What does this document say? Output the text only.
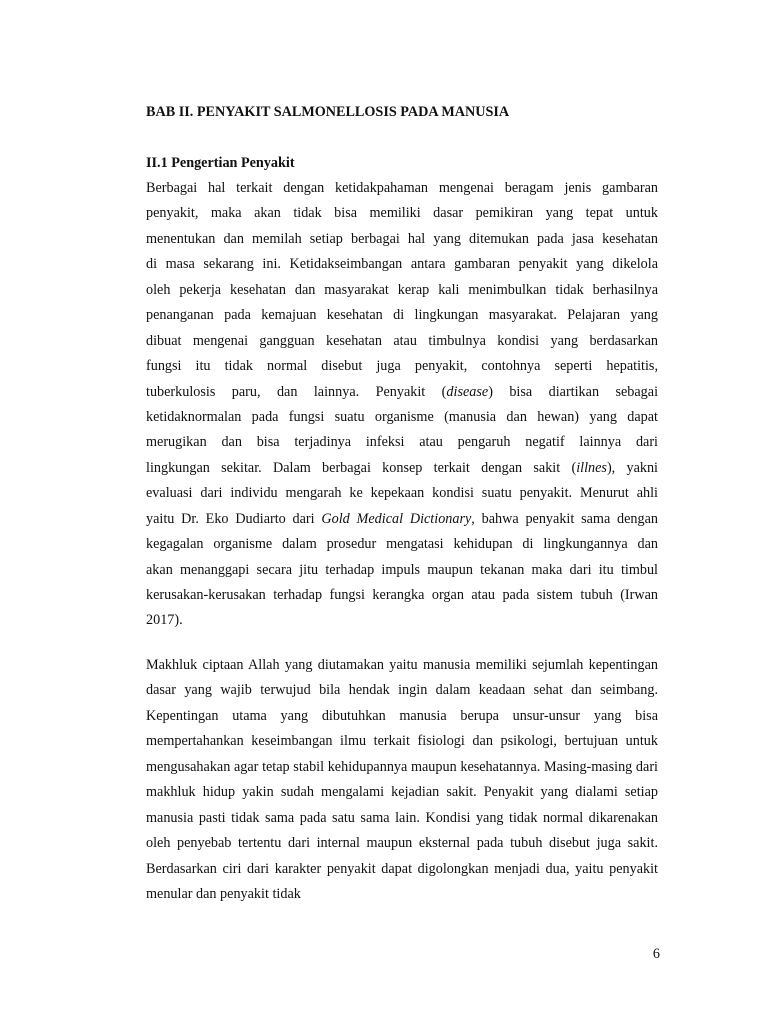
BAB II. PENYAKIT SALMONELLOSIS PADA MANUSIA
II.1 Pengertian Penyakit
Berbagai hal terkait dengan ketidakpahaman mengenai beragam jenis gambaran
penyakit, maka akan tidak bisa memiliki dasar pemikiran yang tepat untuk
menentukan dan memilah setiap berbagai hal yang ditemukan pada jasa kesehatan
di masa sekarang ini. Ketidakseimbangan antara gambaran penyakit yang dikelola
oleh pekerja kesehatan dan masyarakat kerap kali menimbulkan tidak berhasilnya
penanganan pada kemajuan kesehatan di lingkungan masyarakat. Pelajaran yang
dibuat mengenai gangguan kesehatan atau timbulnya kondisi yang berdasarkan
fungsi itu tidak normal disebut juga penyakit, contohnya seperti hepatitis,
tuberkulosis paru, dan lainnya. Penyakit (disease) bisa diartikan sebagai
ketidaknormalan pada fungsi suatu organisme (manusia dan hewan) yang dapat
merugikan dan bisa terjadinya infeksi atau pengaruh negatif lainnya dari
lingkungan sekitar. Dalam berbagai konsep terkait dengan sakit (illnes), yakni
evaluasi dari individu mengarah ke kepekaan kondisi suatu penyakit. Menurut ahli
yaitu Dr. Eko Dudiarto dari Gold Medical Dictionary, bahwa penyakit sama dengan
kegagalan organisme dalam prosedur mengatasi kehidupan di lingkungannya dan
akan menanggapi secara jitu terhadap impuls maupun tekanan maka dari itu timbul
kerusakan-kerusakan terhadap fungsi kerangka organ atau pada sistem tubuh (Irwan
2017).

Makhluk ciptaan Allah yang diutamakan yaitu manusia memiliki sejumlah kepentingan dasar yang wajib terwujud bila hendak ingin dalam keadaan sehat dan seimbang. Kepentingan utama yang dibutuhkan manusia berupa unsur-unsur yang bisa mempertahankan keseimbangan ilmu terkait fisiologi dan psikologi, bertujuan untuk mengusahakan agar tetap stabil kehidupannya maupun kesehatannya. Masing-masing dari makhluk hidup yakin sudah mengalami kejadian sakit. Penyakit yang dialami setiap manusia pasti tidak sama pada satu sama lain. Kondisi yang tidak normal dikarenakan oleh penyebab tertentu dari internal maupun eksternal pada tubuh disebut juga sakit. Berdasarkan ciri dari karakter penyakit dapat digolongkan menjadi dua, yaitu penyakit menular dan penyakit tidak

6
